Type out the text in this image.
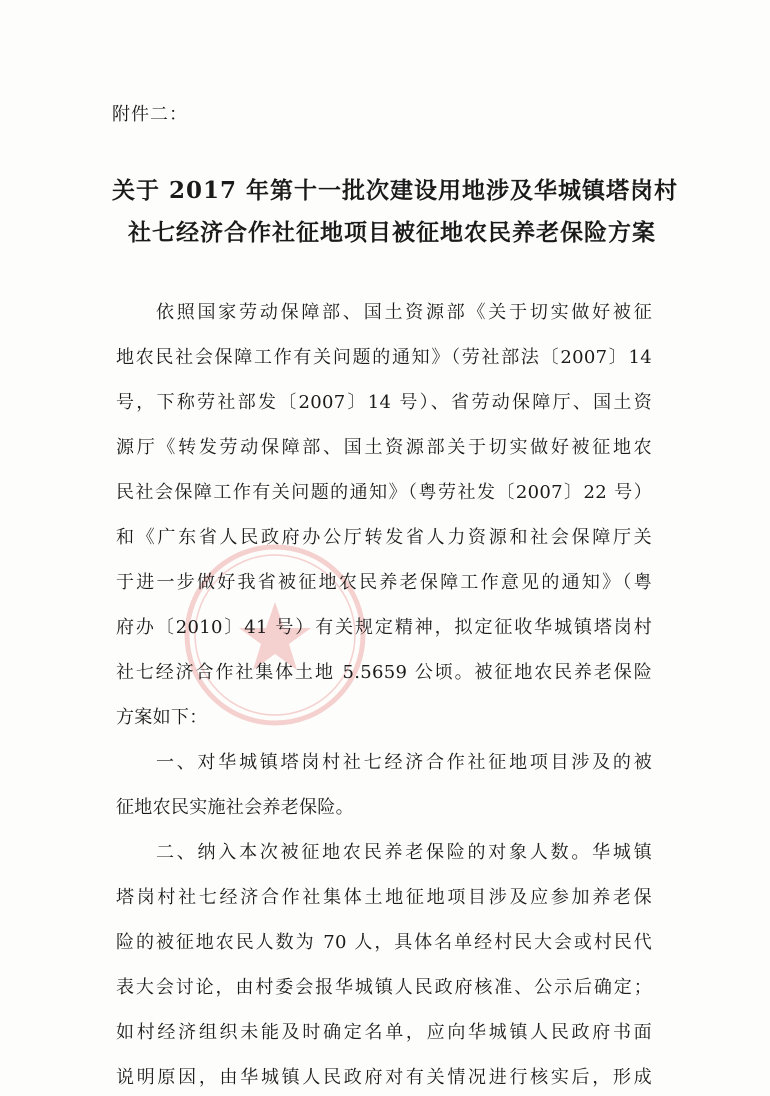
附件二：
关于 2017 年第十一批次建设用地涉及华城镇塔岗村
社七经济合作社征地项目被征地农民养老保险方案
依照国家劳动保障部、国土资源部《关于切实做好被征
地农民社会保障工作有关问题的通知》（劳社部法〔2007〕14
号，下称劳社部发〔2007〕14 号）、省劳动保障厅、国土资
源厅《转发劳动保障部、国土资源部关于切实做好被征地农
民社会保障工作有关问题的通知》（粤劳社发〔2007〕22 号）
和《广东省人民政府办公厅转发省人力资源和社会保障厅关
于进一步做好我省被征地农民养老保障工作意见的通知》（粤
府办〔2010〕41 号）有关规定精神，拟定征收华城镇塔岗村
社七经济合作社集体土地 5.5659 公顷。被征地农民养老保险
方案如下：
一、对华城镇塔岗村社七经济合作社征地项目涉及的被
征地农民实施社会养老保险。
二、纳入本次被征地农民养老保险的对象人数。华城镇
塔岗村社七经济合作社集体土地征地项目涉及应参加养老保
险的被征地农民人数为 70 人，具体名单经村民大会或村民代
表大会讨论，由村委会报华城镇人民政府核准、公示后确定；
如村经济组织未能及时确定名单，应向华城镇人民政府书面
说明原因，由华城镇人民政府对有关情况进行核实后，形成
